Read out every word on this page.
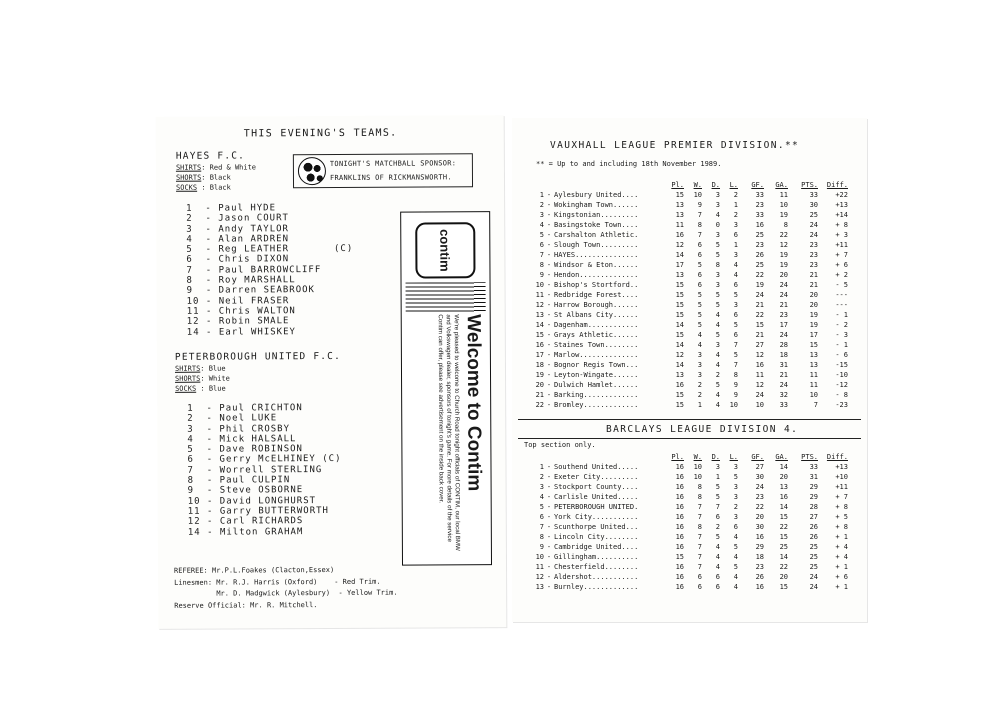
THIS EVENING'S TEAMS.
HAYES F.C.
SHIRTS: Red & White
SHORTS: Black
SOCKS : Black
TONIGHT'S MATCHBALL SPONSOR:
FRANKLINS OF RICKMANSWORTH.
1  - Paul HYDE
2  - Jason COURT
3  - Andy TAYLOR
4  - Alan ARDREN
5  - Reg LEATHER       (C)
6  - Chris DIXON
7  - Paul BARROWCLIFF
8  - Roy MARSHALL
9  - Darren SEABROOK
10 - Neil FRASER
11 - Chris WALTON
12 - Robin SMALE
14 - Earl WHISKEY
PETERBOROUGH UNITED F.C.
SHIRTS: Blue
SHORTS: White
SOCKS : Blue
1  - Paul CRICHTON
2  - Noel LUKE
3  - Phil CROSBY
4  - Mick HALSALL
5  - Dave ROBINSON
6  - Gerry McELHINEY (C)
7  - Worrell STERLING
8  - Paul CULPIN
9  - Steve OSBORNE
10 - David LONGHURST
11 - Garry BUTTERWORTH
12 - Carl RICHARDS
14 - Milton GRAHAM
contim
Welcome to Contim
We're pleased to welcome to Church Road tonight officials of CONTIM, our local BMW and Volkswagen dealer, sponsors of tonight's game. For more details of the service Contim can offer, please see advertisement on the inside back cover.
REFEREE: Mr.P.L.Foakes (Clacton,Essex)
Linesmen: Mr. R.J. Harris (Oxford)    - Red Trim.
Mr. D. Madgwick (Aylesbury)  - Yellow Trim.
Reserve Official: Mr. R. Mitchell.
VAUXHALL LEAGUE PREMIER DIVISION.**
** = Up to and including 18th November 1989.
			Pl.	W.	D.	L.	GF.	GA.	PTS.	Diff.
1	-	Aylesbury United....	15	10	3	2	33	11	33	+22
2	-	Wokingham Town......	13	9	3	1	23	10	30	+13
3	-	Kingstonian.........	13	7	4	2	33	19	25	+14
4	-	Basingstoke Town....	11	8	0	3	16	8	24	+ 8
5	-	Carshalton Athletic.	16	7	3	6	25	22	24	+ 3
6	-	Slough Town.........	12	6	5	1	23	12	23	+11
7	-	HAYES...............	14	6	5	3	26	19	23	+ 7
8	-	Windsor & Eton......	17	5	8	4	25	19	23	+ 6
9	-	Hendon..............	13	6	3	4	22	20	21	+ 2
10	-	Bishop's Stortford..	15	6	3	6	19	24	21	- 5
11	-	Redbridge Forest....	15	5	5	5	24	24	20	---
12	-	Harrow Borough......	15	5	5	3	21	21	20	---
13	-	St Albans City......	15	5	4	6	22	23	19	- 1
14	-	Dagenham............	14	5	4	5	15	17	19	- 2
15	-	Grays Athletic......	15	4	5	6	21	24	17	- 3
16	-	Staines Town........	14	4	3	7	27	28	15	- 1
17	-	Marlow..............	12	3	4	5	12	18	13	- 6
18	-	Bognor Regis Town...	14	3	4	7	16	31	13	-15
19	-	Leyton-Wingate......	13	3	2	8	11	21	11	-10
20	-	Dulwich Hamlet......	16	2	5	9	12	24	11	-12
21	-	Barking.............	15	2	4	9	24	32	10	- 8
22	-	Bromley.............	15	1	4	10	10	33	7	-23
BARCLAYS LEAGUE DIVISION 4.
Top section only.
			Pl.	W.	D.	L.	GF.	GA.	PTS.	Diff.
1	-	Southend United.....	16	10	3	3	27	14	33	+13
2	-	Exeter City.........	16	10	1	5	30	20	31	+10
3	-	Stockport County....	16	8	5	3	24	13	29	+11
4	-	Carlisle United.....	16	8	5	3	23	16	29	+ 7
5	-	PETERBOROUGH UNITED.	16	7	7	2	22	14	28	+ 8
6	-	York City...........	16	7	6	3	20	15	27	+ 5
7	-	Scunthorpe United...	16	8	2	6	30	22	26	+ 8
8	-	Lincoln City........	16	7	5	4	16	15	26	+ 1
9	-	Cambridge United....	16	7	4	5	29	25	25	+ 4
10	-	Gillingham..........	15	7	4	4	18	14	25	+ 4
11	-	Chesterfield........	16	7	4	5	23	22	25	+ 1
12	-	Aldershot...........	16	6	6	4	26	20	24	+ 6
13	-	Burnley.............	16	6	6	4	16	15	24	+ 1
